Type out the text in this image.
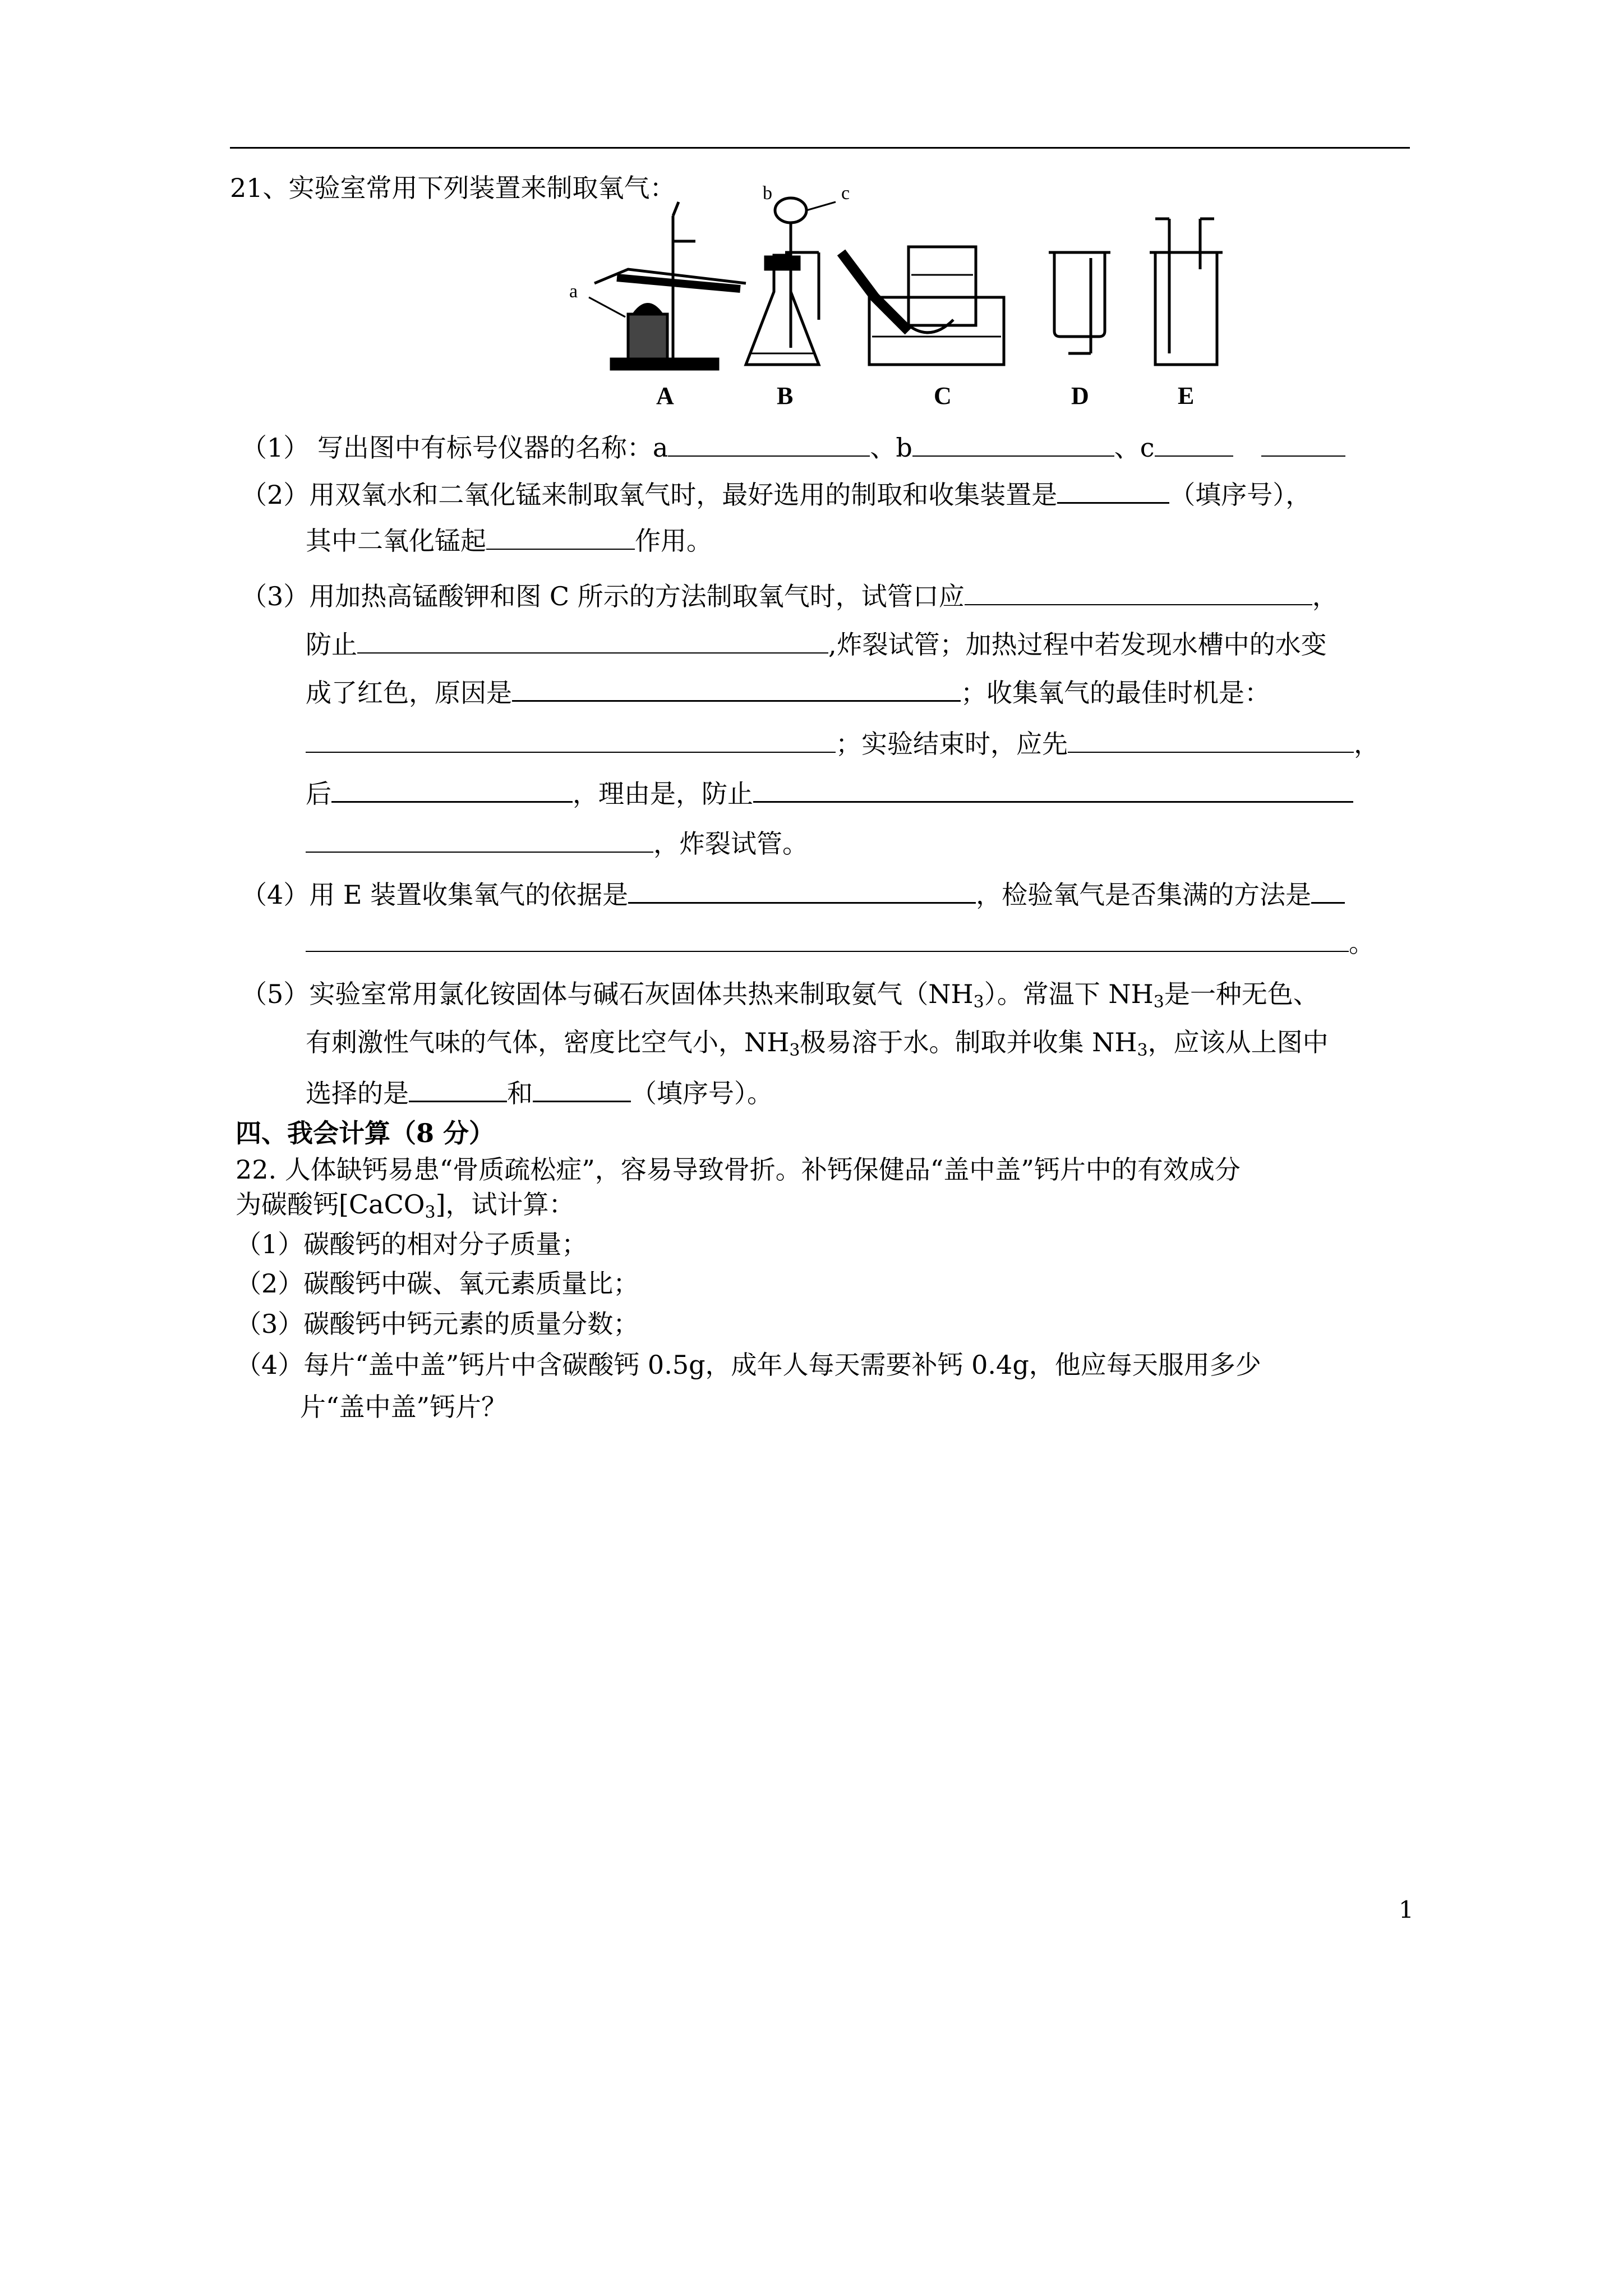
21、实验室常用下列装置来制取氧气：
a
b	c
A	B	C	D	E
（1） 写出图中有标号仪器的名称：a	、b	、c
（2）用双氧水和二氧化锰来制取氧气时，最好选用的制取和收集装置是	（填序号），
其中二氧化锰起	作用。
（3）用加热高锰酸钾和图 C 所示的方法制取氧气时，试管口应	，
防止	,炸裂试管；加热过程中若发现水槽中的水变
成了红色，原因是	；收集氧气的最佳时机是：
；实验结束时，应先	，
后	，理由是，防止
，炸裂试管。
（4）用 E 装置收集氧气的依据是	，检验氧气是否集满的方法是
。
（5）实验室常用氯化铵固体与碱石灰固体共热来制取氨气$(NH_3)$。常温下 $NH_3$是一种无色、
有刺激性气味的气体，密度比空气小，$NH_3$极易溶于水。制取并收集 $NH_3$，应该从上图中
选择的是	和	（填序号）。
四、我会计算（8 分）
22. 人体缺钙易患“骨质疏松症”，容易导致骨折。补钙保健品“盖中盖”钙片中的有效成分
为碳酸钙[CaCO$_3$]，试计算：
（1）碳酸钙的相对分子质量；
（2）碳酸钙中碳、氧元素质量比；
（3）碳酸钙中钙元素的质量分数；
（4）每片“盖中盖”钙片中含碳酸钙 0.5g，成年人每天需要补钙 0.4g，他应每天服用多少
片“盖中盖”钙片？
1
